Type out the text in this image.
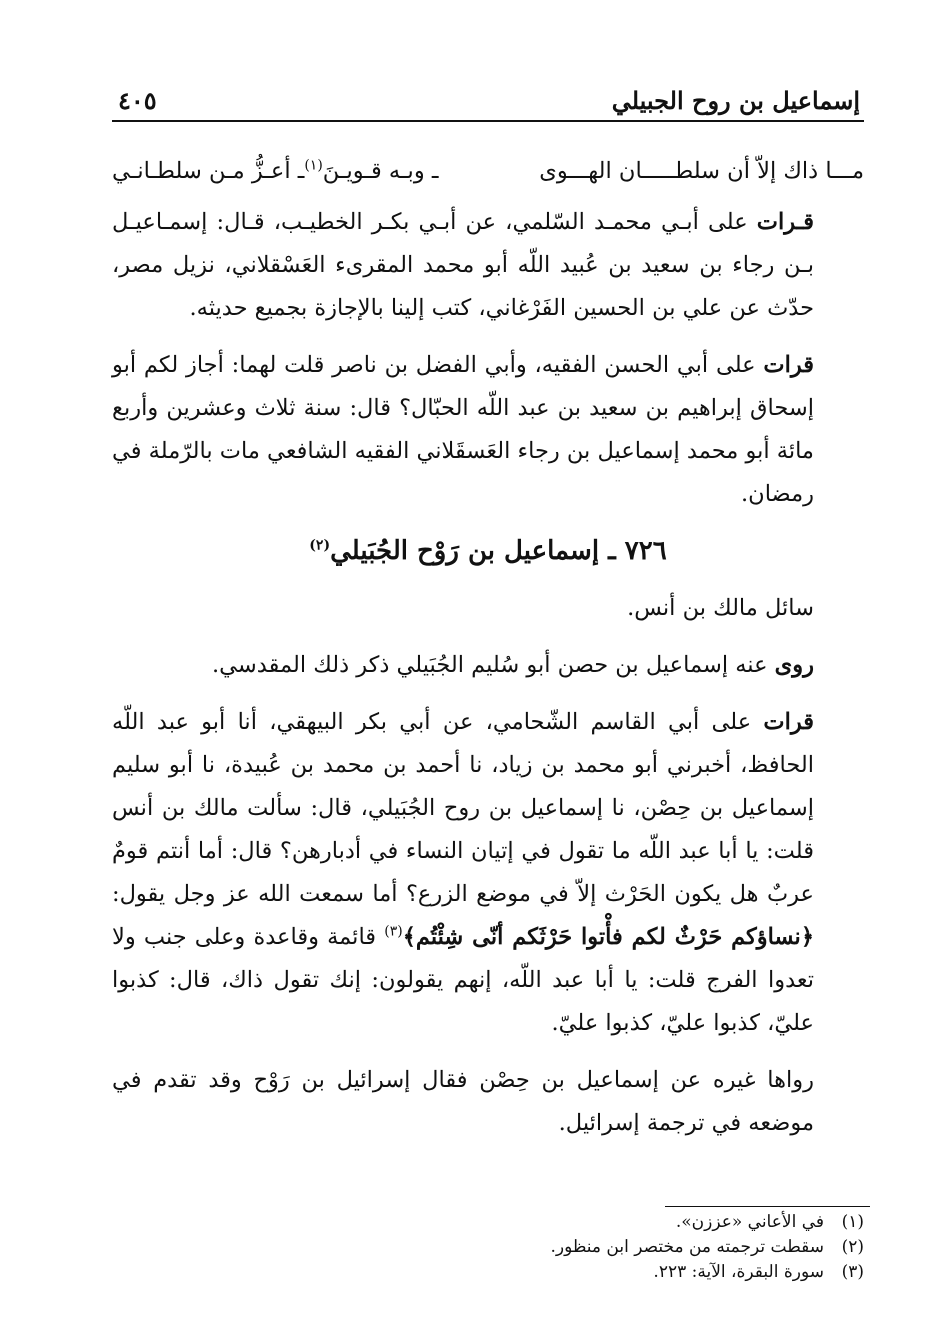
إسماعيل بن روح الجبيلي
٤٠٥
مـــا ذاك إلاّ أن سلطـــــان الهـــوى
ـ وبـه قـويـنَ$^{(١)}$ـ أعـزُّ مـن سلطـانـي

قـرات على أبـي محمـد السّلمي، عن أبـي بكـر الخطيـب، قـال: إسمـاعيـل بـن رجاء بن سعيد بن عُبيد اللّه أبو محمد المقرىء العَسْقلاني، نزيل مصر، حدّث عن علي بن الحسين الفَرْغاني، كتب إلينا بالإجازة بجميع حديثه.

قرات على أبي الحسن الفقيه، وأبي الفضل بن ناصر قلت لهما: أجاز لكم أبو إسحاق إبراهيم بن سعيد بن عبد اللّه الحبّال؟ قال: سنة ثلاث وعشرين وأربع مائة أبو محمد إسماعيل بن رجاء العَسقَلاني الفقيه الشافعي مات بالرّملة في رمضان.

٧٢٦ ـ إسماعيل بن رَوْح الجُبَيلي$^{(٢)}$

سائل مالك بن أنس.

روى عنه إسماعيل بن حصن أبو سُليم الجُبَيلي ذكر ذلك المقدسي.

قرات على أبي القاسم الشّحامي، عن أبي بكر البيهقي، أنا أبو عبد اللّه الحافظ، أخبرني أبو محمد بن زياد، نا أحمد بن محمد بن عُبيدة، نا أبو سليم إسماعيل بن حِصْن، نا إسماعيل بن روح الجُبَيلي، قال: سألت مالك بن أنس قلت: يا أبا عبد اللّه ما تقول في إتيان النساء في أدبارهن؟ قال: أما أنتم قومٌ عربٌ هل يكون الحَرْث إلاّ في موضع الزرع؟ أما سمعت الله عز وجل يقول: ﴿نساؤكم حَرْثٌ لكم فأْتوا حَرْثَكم أنّى شِئْتُم﴾$^{(٣)}$ قائمة وقاعدة وعلى جنب ولا تعدوا الفرج قلت: يا أبا عبد اللّه، إنهم يقولون: إنك تقول ذاك، قال: كذبوا عليّ، كذبوا عليّ، كذبوا عليّ.

رواها غيره عن إسماعيل بن حِصْن فقال إسرائيل بن رَوْح وقد تقدم في موضعه في ترجمة إسرائيل.

(١)
في الأعاني «عززن».
(٢)
سقطت ترجمته من مختصر ابن منظور.
(٣)
سورة البقرة، الآية: ٢٢٣.
